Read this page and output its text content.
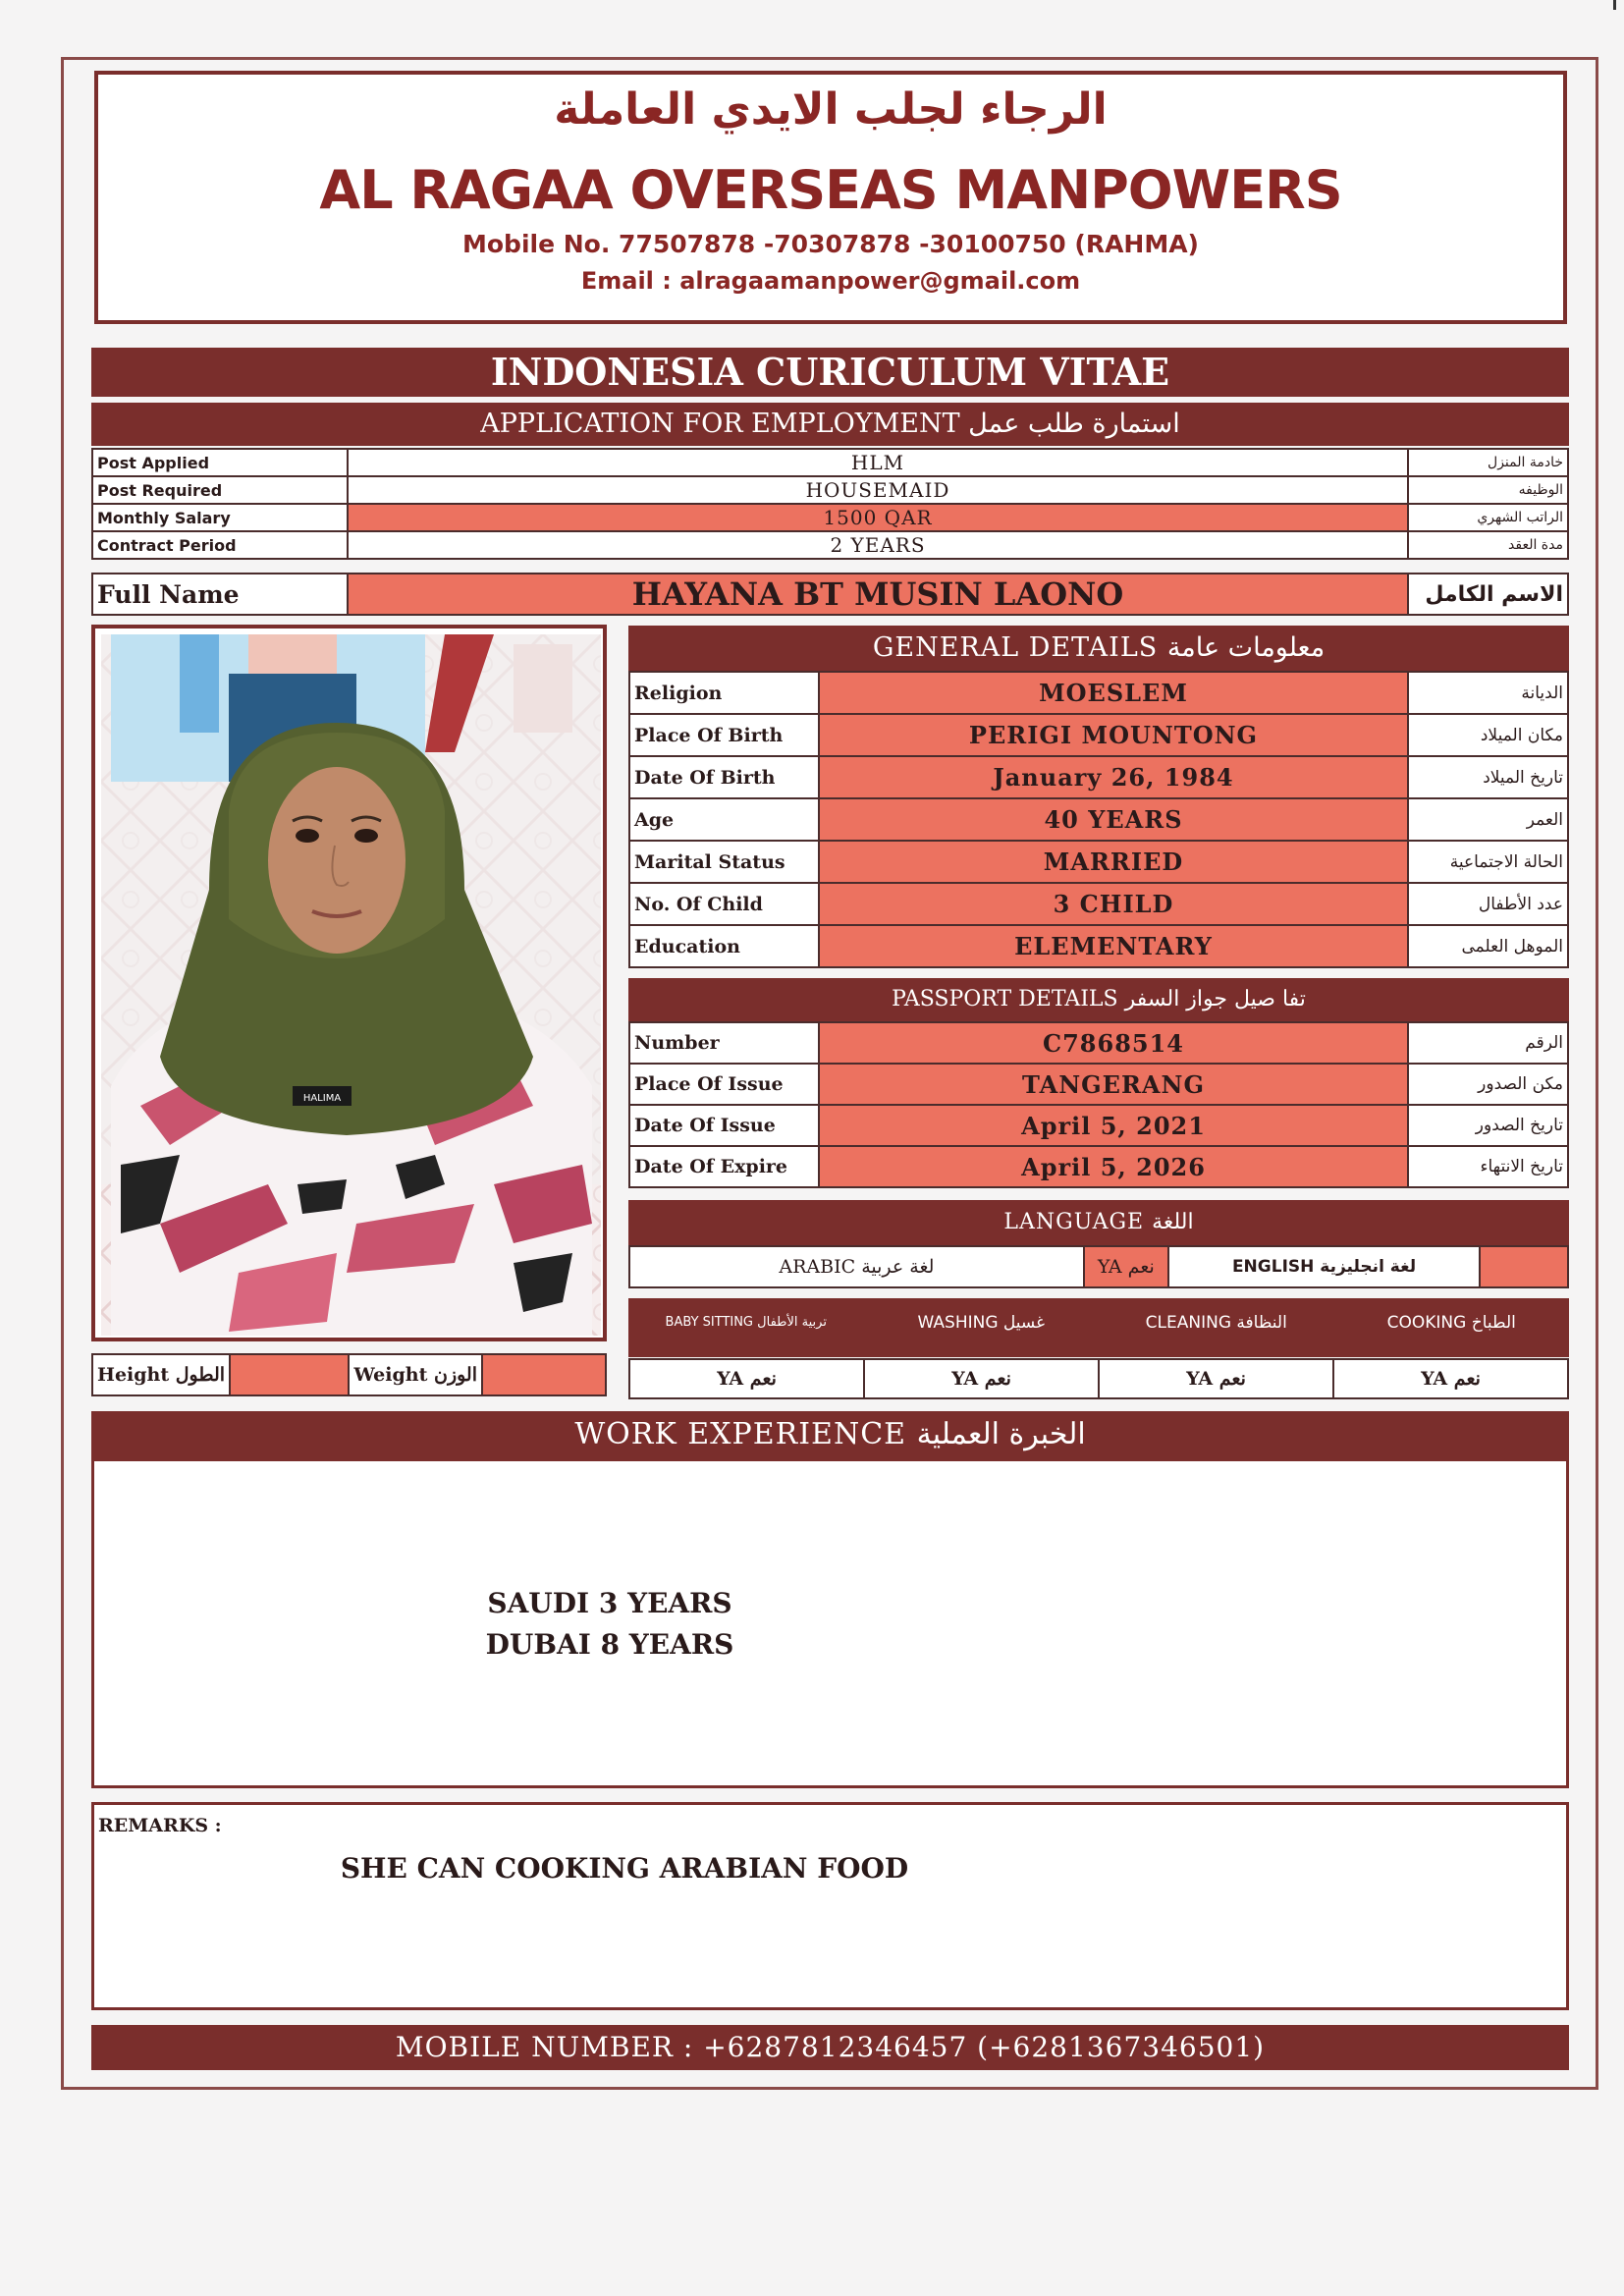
الرجاء لجلب الايدي العاملة
AL RAGAA OVERSEAS MANPOWERS
Mobile No. 77507878 -70307878 -30100750 (RAHMA)
Email : alragaamanpower@gmail.com
INDONESIA CURICULUM VITAE
APPLICATION FOR EMPLOYMENT استمارة طلب عمل
Post Applied	HLM	خادمة المنزل
Post Required	HOUSEMAID	الوظيفه
Monthly Salary	1500 QAR	الراتب الشهري
Contract Period	2 YEARS	مدة العقد
Full Name	HAYANA BT MUSIN LAONO	الاسم الكامل
HALIMA
GENERAL DETAILS معلومات عامة
Religion	MOESLEM	الديانة
Place Of Birth	PERIGI MOUNTONG	مكان الميلاد
Date Of Birth	January 26, 1984	تاريخ الميلاد
Age	40 YEARS	العمر
Marital Status	MARRIED	الحالة الاجتماعية
No. Of Child	3 CHILD	عدد الأطفال
Education	ELEMENTARY	الموهل العلمى
PASSPORT DETAILS تفا صيل جواز السفر
Number	C7868514	الرقم
Place Of Issue	TANGERANG	مكن الصدور
Date Of Issue	April 5, 2021	تاريخ الصدور
Date Of Expire	April 5, 2026	تاريخ الانتهاء
LANGUAGE اللغة
ARABIC لغة عربية	YA نعم	ENGLISH لغة انجليزية	
BABY SITTING تربية الأطفال	WASHING غسيل	CLEANING النظافة	COOKING الطباخ
YA نعم	YA نعم	YA نعم	YA نعم
Height الطول		Weight الوزن	
WORK EXPERIENCE الخبرة العملية
SAUDI 3 YEARS
DUBAI 8 YEARS
REMARKS :
SHE CAN COOKING ARABIAN FOOD
MOBILE NUMBER : +6287812346457 (+6281367346501)
